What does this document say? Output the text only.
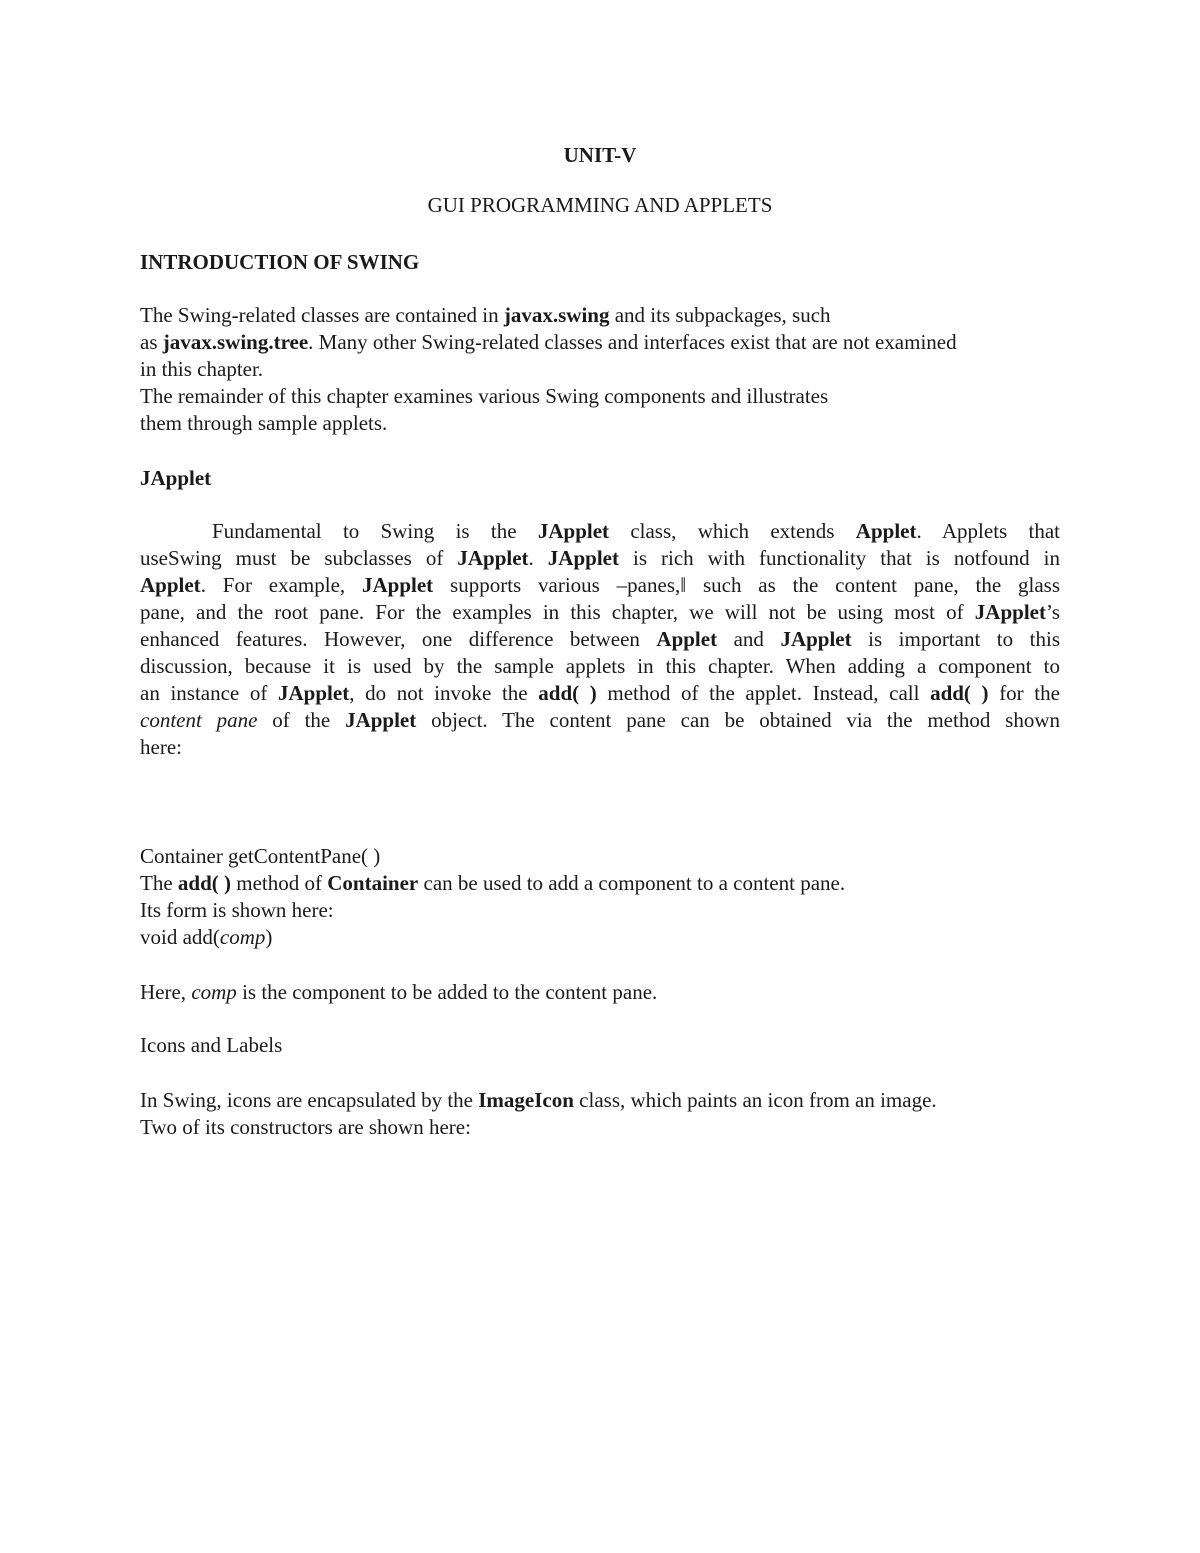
UNIT-V
GUI PROGRAMMING AND APPLETS
INTRODUCTION OF SWING
The Swing-related classes are contained in javax.swing and its subpackages, such
as javax.swing.tree. Many other Swing-related classes and interfaces exist that are not examined
in this chapter.
The remainder of this chapter examines various Swing components and illustrates
them through sample applets.
JApplet
Fundamental to Swing is the JApplet class, which extends Applet. Applets that
useSwing must be subclasses of JApplet. JApplet is rich with functionality that is notfound in
Applet. For example, JApplet supports various –panes,‖ such as the content pane, the glass
pane, and the root pane. For the examples in this chapter, we will not be using most of JApplet’s
enhanced features. However, one difference between Applet and JApplet is important to this
discussion, because it is used by the sample applets in this chapter. When adding a component to
an instance of JApplet, do not invoke the add( ) method of the applet. Instead, call add( ) for the
content pane of the JApplet object. The content pane can be obtained via the method shown
here:
Container getContentPane( )
The add( ) method of Container can be used to add a component to a content pane.
Its form is shown here:
void add(comp)
Here, comp is the component to be added to the content pane.
Icons and Labels
In Swing, icons are encapsulated by the ImageIcon class, which paints an icon from an image.
Two of its constructors are shown here:
